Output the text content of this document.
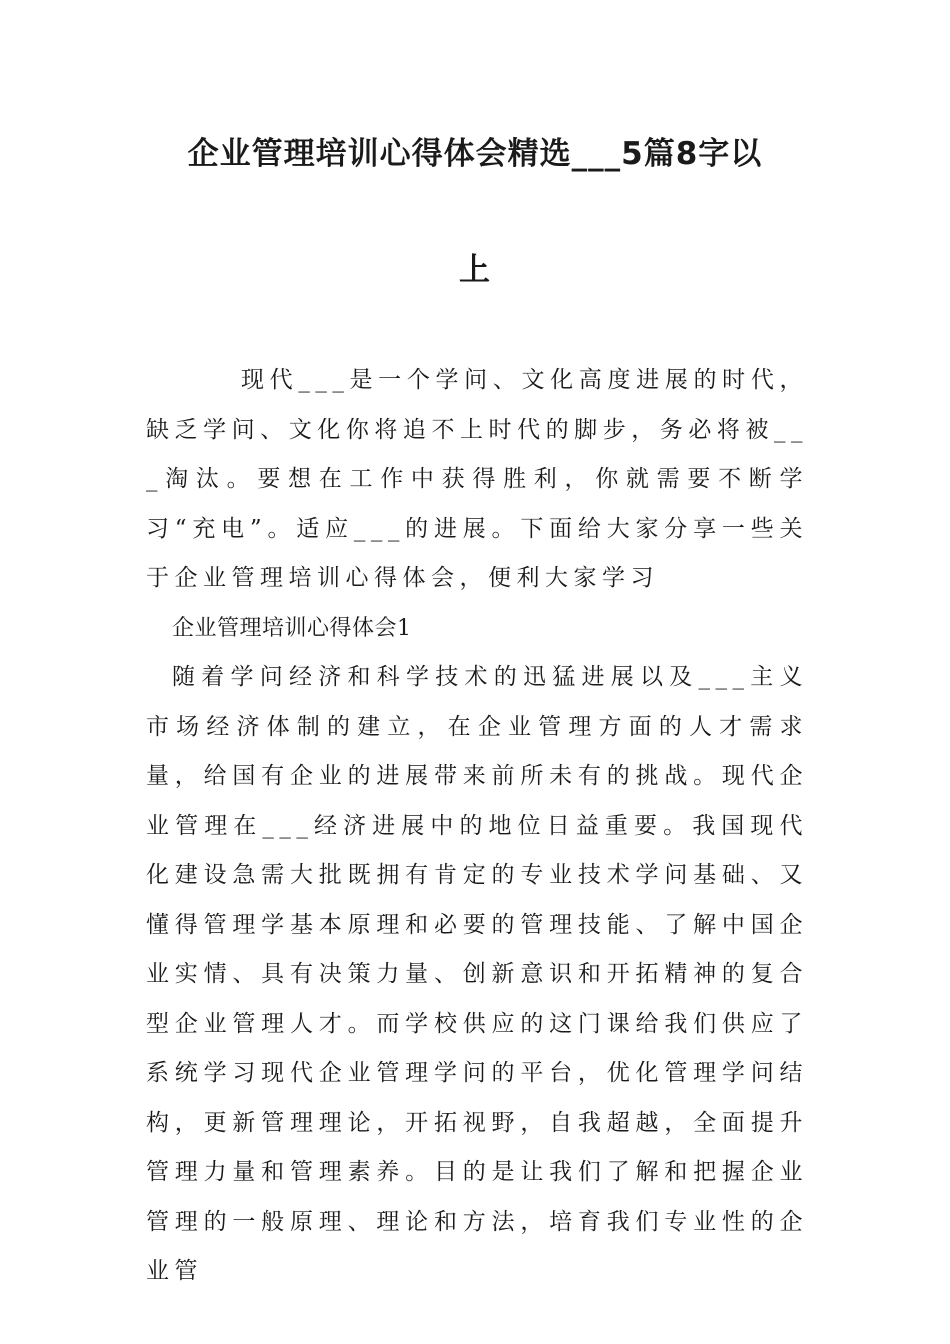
企业管理培训心得体会精选___5篇8字以
上

现代___是一个学问、文化高度进展的时代，缺乏学问、文化你将追不上时代的脚步，务必将被___淘汰。要想在工作中获得胜利，你就需要不断学习“充电”。适应___的进展。下面给大家分享一些关于企业管理培训心得体会，便利大家学习

企业管理培训心得体会1

随着学问经济和科学技术的迅猛进展以及___主义市场经济体制的建立，在企业管理方面的人才需求量，给国有企业的进展带来前所未有的挑战。现代企业管理在___经济进展中的地位日益重要。我国现代化建设急需大批既拥有肯定的专业技术学问基础、又懂得管理学基本原理和必要的管理技能、了解中国企业实情、具有决策力量、创新意识和开拓精神的复合型企业管理人才。而学校供应的这门课给我们供应了系统学习现代企业管理学问的平台，优化管理学问结构，更新管理理论，开拓视野，自我超越，全面提升管理力量和管理素养。目的是让我们了解和把握企业管理的一般原理、理论和方法，培育我们专业性的企业管
